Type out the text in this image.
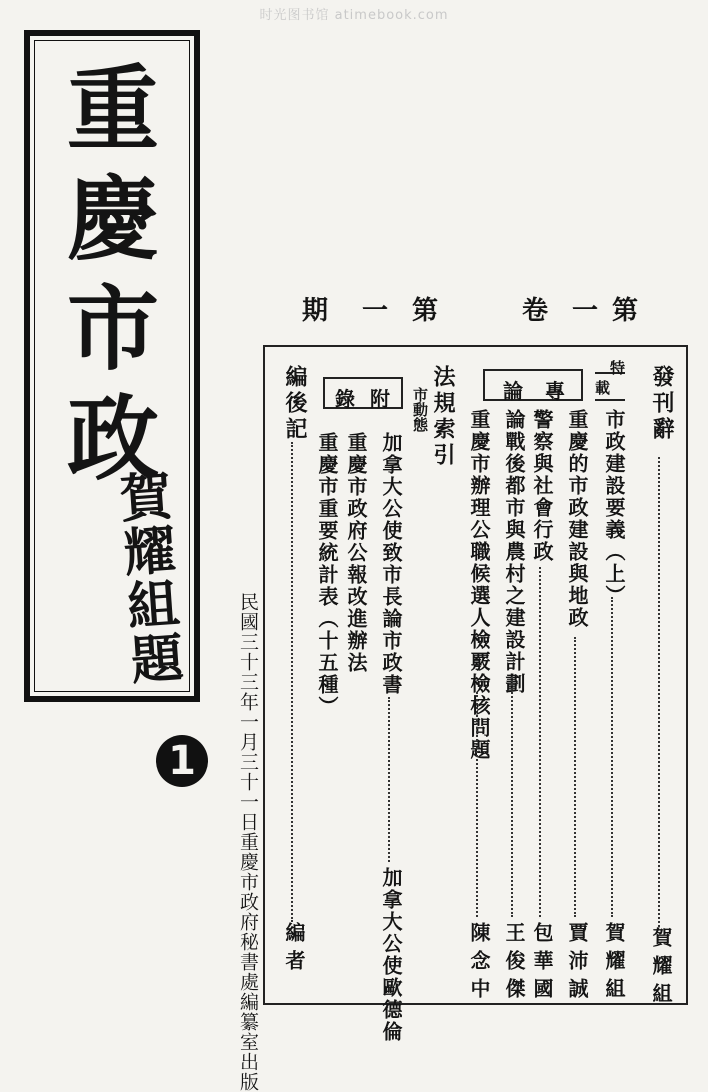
时光图书馆 atimebook.com
重慶市政
賀耀組題
1	民國三十三年一月三十一日重慶市政府秘書處編纂室出版
第
一
卷
第
一
期
發刊辭
賀耀組
特
載
市政建設要義（上）
賀耀組
重慶的市政建設與地政
賈沛誠
警察與社會行政
包華國
專
論
論戰後都市與農村之建設計劃
王俊傑
重慶市辦理公職候選人檢覈檢核問題
陳念中
法規索引
市動態
附
錄
加拿大公使致市長論市政書
加拿大公使歐德倫
重慶市政府公報改進辦法
重慶市重要統計表（十五種）
編後記
編者
